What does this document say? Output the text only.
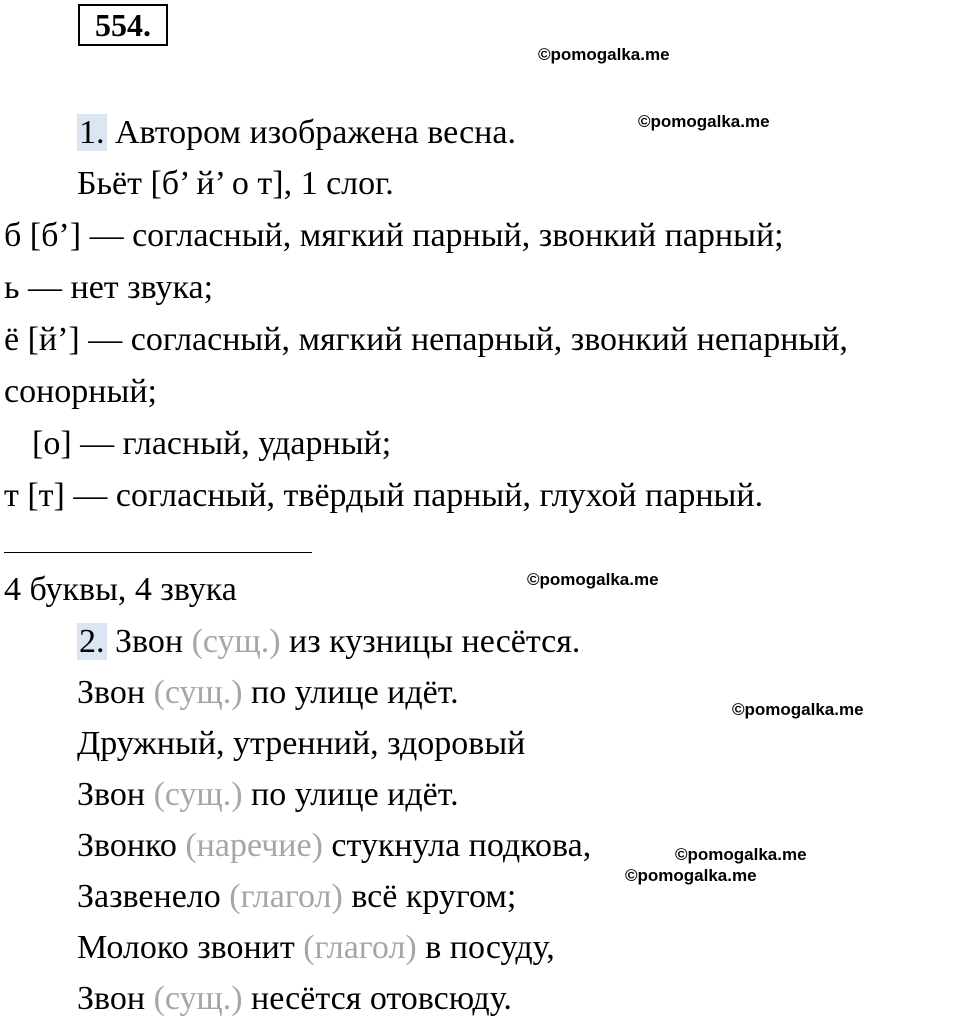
554.
©pomogalka.me
©pomogalka.me
©pomogalka.me
©pomogalka.me
©pomogalka.me
©pomogalka.me
1. Автором изображена весна.
Бьёт [б’ й’ о т], 1 слог.
б [б’] — согласный, мягкий парный, звонкий парный;
ь — нет звука;
ё [й’] — согласный, мягкий непарный, звонкий непарный,
сонорный;
[о] — гласный, ударный;
т [т] — согласный, твёрдый парный, глухой парный.
4 буквы, 4 звука
2. Звон (сущ.) из кузницы несётся.
Звон (сущ.) по улице идёт.
Дружный, утренний, здоровый
Звон (сущ.) по улице идёт.
Звонко (наречие) стукнула подкова,
Зазвенело (глагол) всё кругом;
Молоко звонит (глагол) в посуду,
Звон (сущ.) несётся отовсюду.
